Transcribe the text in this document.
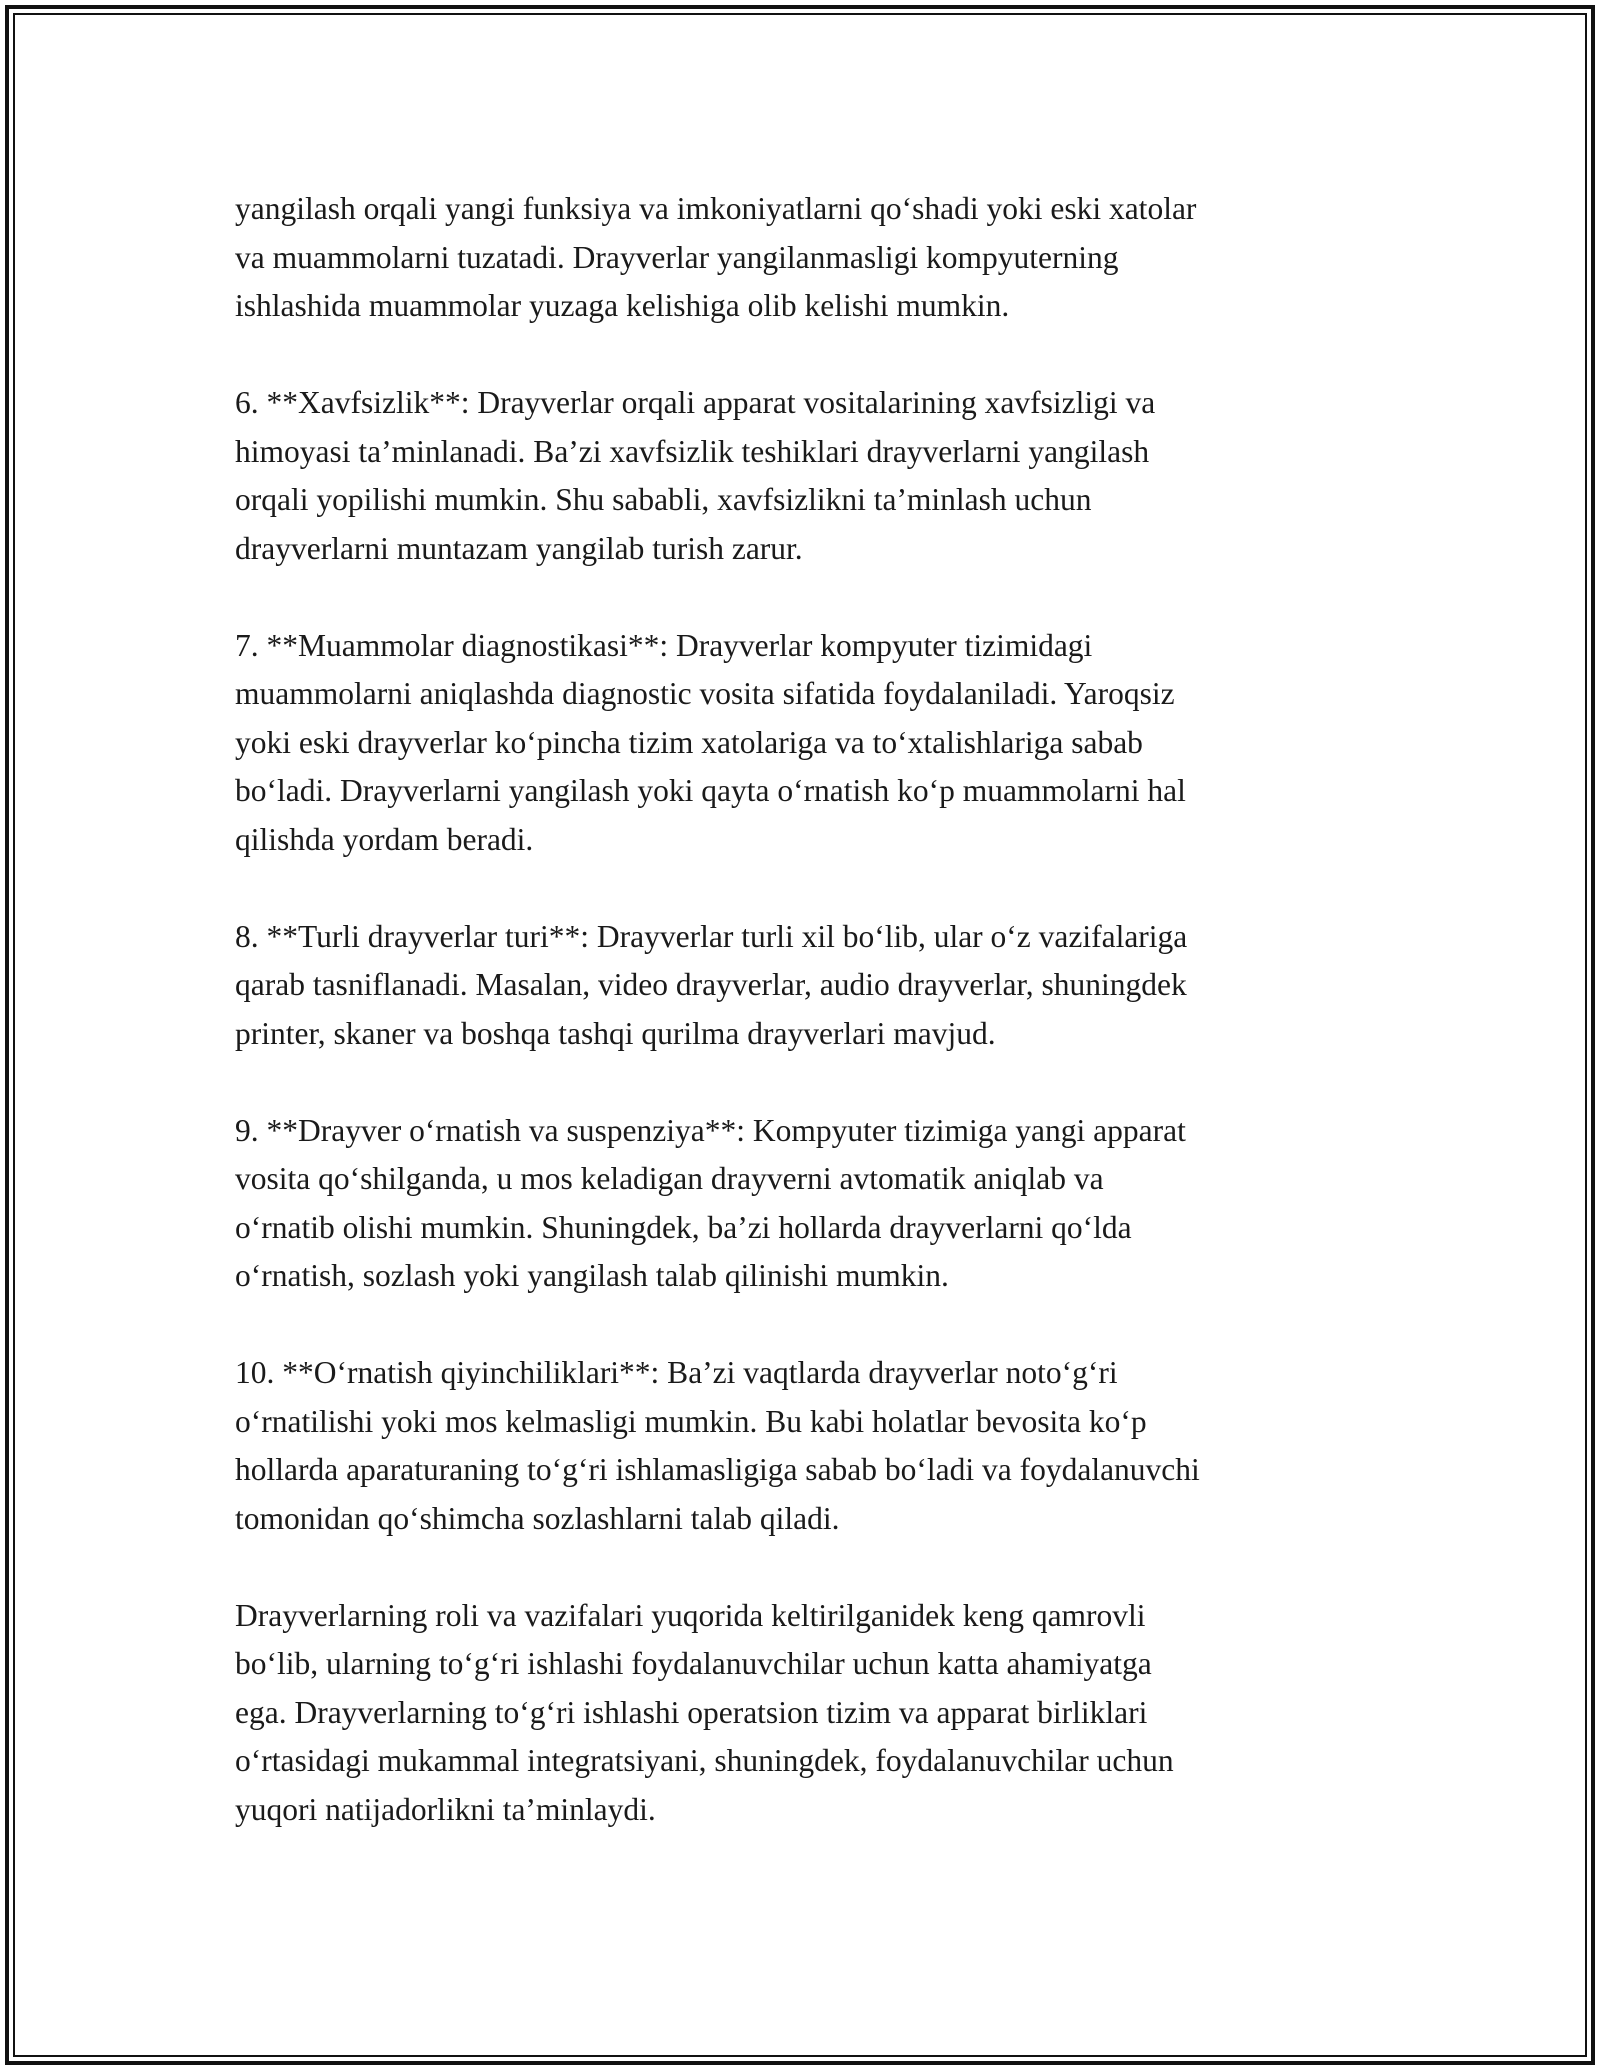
yangilash orqali yangi funksiya va imkoniyatlarni qo‘shadi yoki eski xatolar
va muammolarni tuzatadi. Drayverlar yangilanmasligi kompyuterning
ishlashida muammolar yuzaga kelishiga olib kelishi mumkin.
6. **Xavfsizlik**: Drayverlar orqali apparat vositalarining xavfsizligi va
himoyasi ta’minlanadi. Ba’zi xavfsizlik teshiklari drayverlarni yangilash
orqali yopilishi mumkin. Shu sababli, xavfsizlikni ta’minlash uchun
drayverlarni muntazam yangilab turish zarur.
7. **Muammolar diagnostikasi**: Drayverlar kompyuter tizimidagi
muammolarni aniqlashda diagnostic vosita sifatida foydalaniladi. Yaroqsiz
yoki eski drayverlar ko‘pincha tizim xatolariga va to‘xtalishlariga sabab
bo‘ladi. Drayverlarni yangilash yoki qayta o‘rnatish ko‘p muammolarni hal
qilishda yordam beradi.
8. **Turli drayverlar turi**: Drayverlar turli xil bo‘lib, ular o‘z vazifalariga
qarab tasniflanadi. Masalan, video drayverlar, audio drayverlar, shuningdek
printer, skaner va boshqa tashqi qurilma drayverlari mavjud.
9. **Drayver o‘rnatish va suspenziya**: Kompyuter tizimiga yangi apparat
vosita qo‘shilganda, u mos keladigan drayverni avtomatik aniqlab va
o‘rnatib olishi mumkin. Shuningdek, ba’zi hollarda drayverlarni qo‘lda
o‘rnatish, sozlash yoki yangilash talab qilinishi mumkin.
10. **O‘rnatish qiyinchiliklari**: Ba’zi vaqtlarda drayverlar noto‘g‘ri
o‘rnatilishi yoki mos kelmasligi mumkin. Bu kabi holatlar bevosita ko‘p
hollarda aparaturaning to‘g‘ri ishlamasligiga sabab bo‘ladi va foydalanuvchi
tomonidan qo‘shimcha sozlashlarni talab qiladi.
Drayverlarning roli va vazifalari yuqorida keltirilganidek keng qamrovli
bo‘lib, ularning to‘g‘ri ishlashi foydalanuvchilar uchun katta ahamiyatga
ega. Drayverlarning to‘g‘ri ishlashi operatsion tizim va apparat birliklari
o‘rtasidagi mukammal integratsiyani, shuningdek, foydalanuvchilar uchun
yuqori natijadorlikni ta’minlaydi.
